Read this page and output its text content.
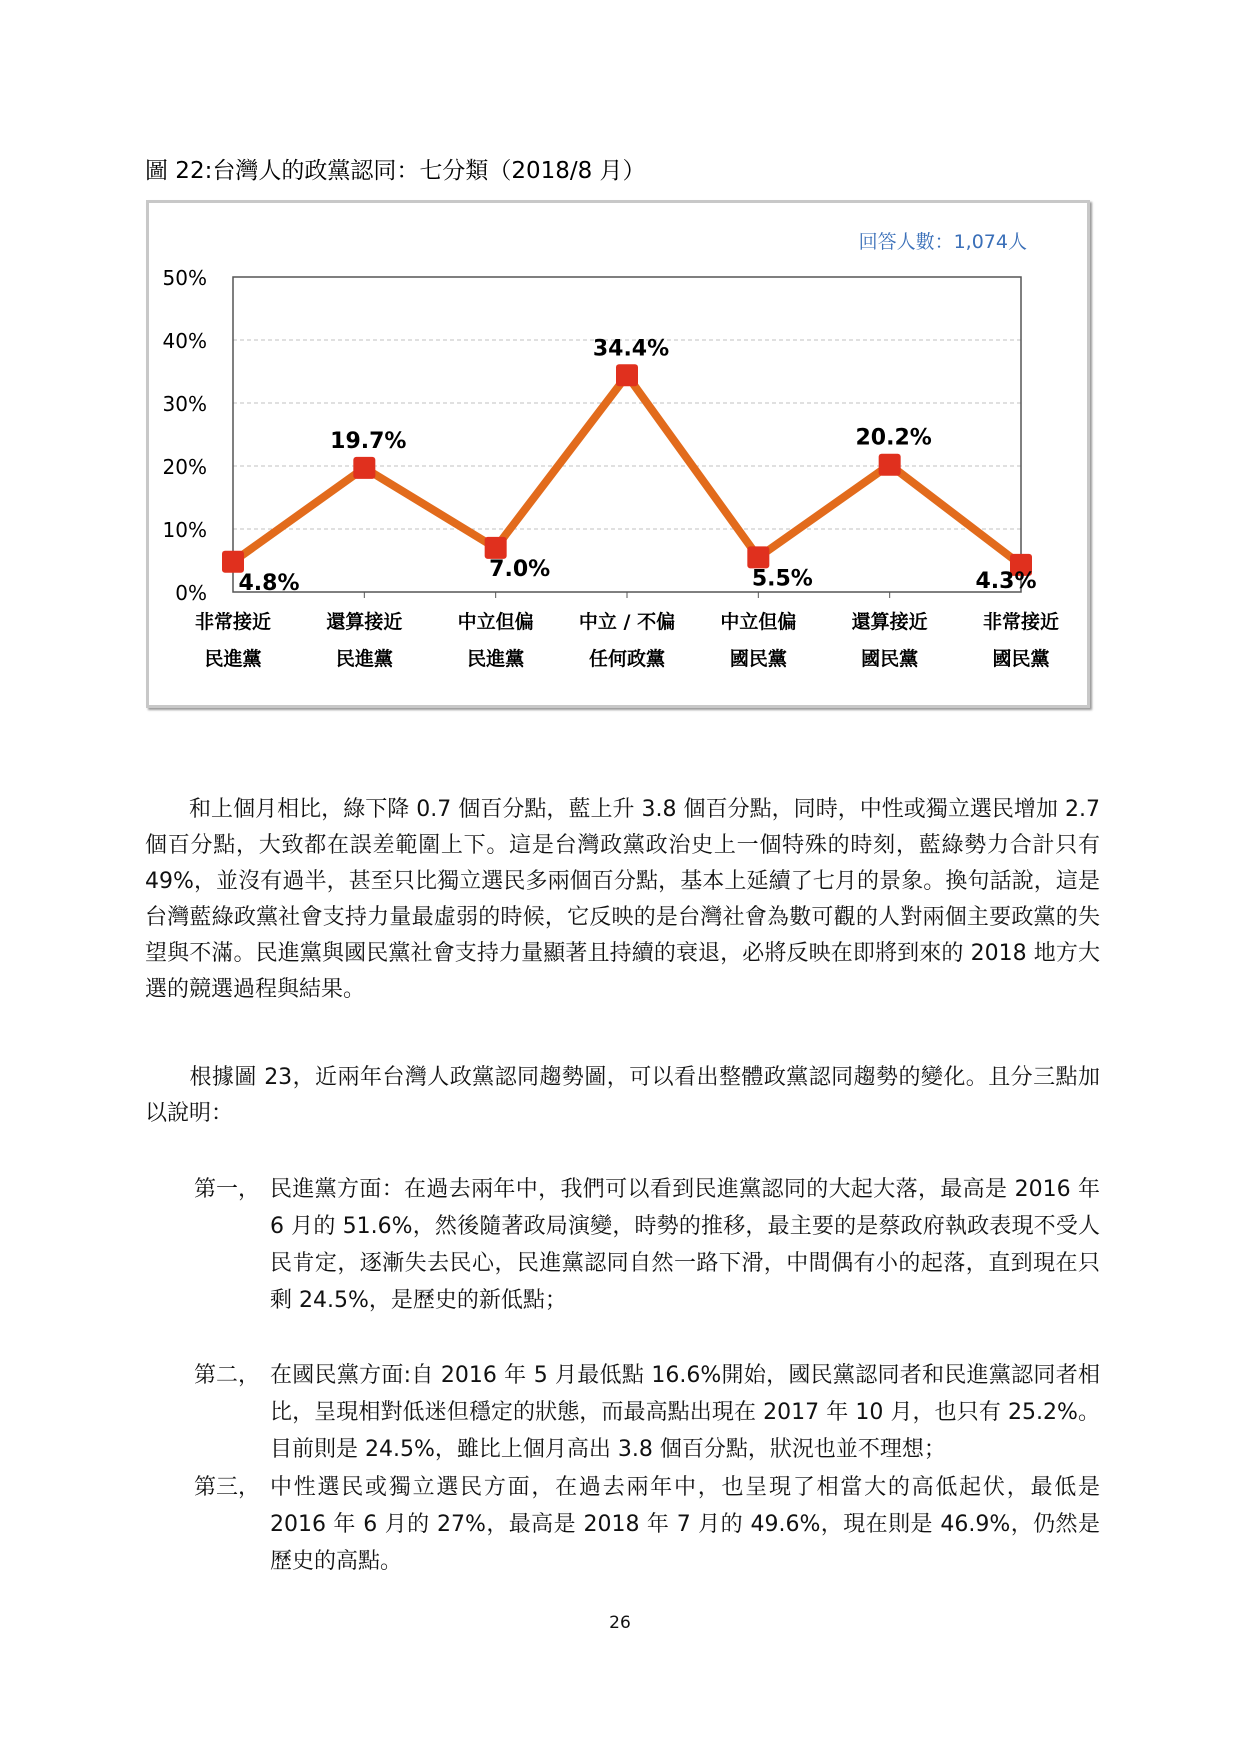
圖 22:台灣人的政黨認同：七分類（2018/8 月）
0%
10%
20%
30%
40%
50%
4.8%
19.7%
7.0%
34.4%
5.5%
20.2%
4.3%
非常接近
民進黨
還算接近
民進黨
中立但偏
民進黨
中立 / 不偏
任何政黨
中立但偏
國民黨
還算接近
國民黨
非常接近
國民黨
回答人數：1,074人
和上個月相比，綠下降 0.7 個百分點，藍上升 3.8 個百分點，同時，中性或獨立選民增加 2.7 個百分點，大致都在誤差範圍上下。這是台灣政黨政治史上一個特殊的時刻，藍綠勢力合計只有 49%，並沒有過半，甚至只比獨立選民多兩個百分點，基本上延續了七月的景象。換句話說，這是台灣藍綠政黨社會支持力量最虛弱的時候，它反映的是台灣社會為數可觀的人對兩個主要政黨的失望與不滿。民進黨與國民黨社會支持力量顯著且持續的衰退，必將反映在即將到來的 2018 地方大選的競選過程與結果。
根據圖 23，近兩年台灣人政黨認同趨勢圖，可以看出整體政黨認同趨勢的變化。且分三點加以說明：
第一， 民進黨方面：在過去兩年中，我們可以看到民進黨認同的大起大落，最高是 2016 年 6 月的 51.6%，然後隨著政局演變，時勢的推移，最主要的是蔡政府執政表現不受人民肯定，逐漸失去民心，民進黨認同自然一路下滑，中間偶有小的起落，直到現在只剩 24.5%，是歷史的新低點；
第二， 在國民黨方面:自 2016 年 5 月最低點 16.6%開始，國民黨認同者和民進黨認同者相比，呈現相對低迷但穩定的狀態，而最高點出現在 2017 年 10 月，也只有 25.2%。目前則是 24.5%，雖比上個月高出 3.8 個百分點，狀況也並不理想；
第三， 中性選民或獨立選民方面，在過去兩年中，也呈現了相當大的高低起伏，最低是 2016 年 6 月的 27%，最高是 2018 年 7 月的 49.6%，現在則是 46.9%，仍然是歷史的高點。
26
